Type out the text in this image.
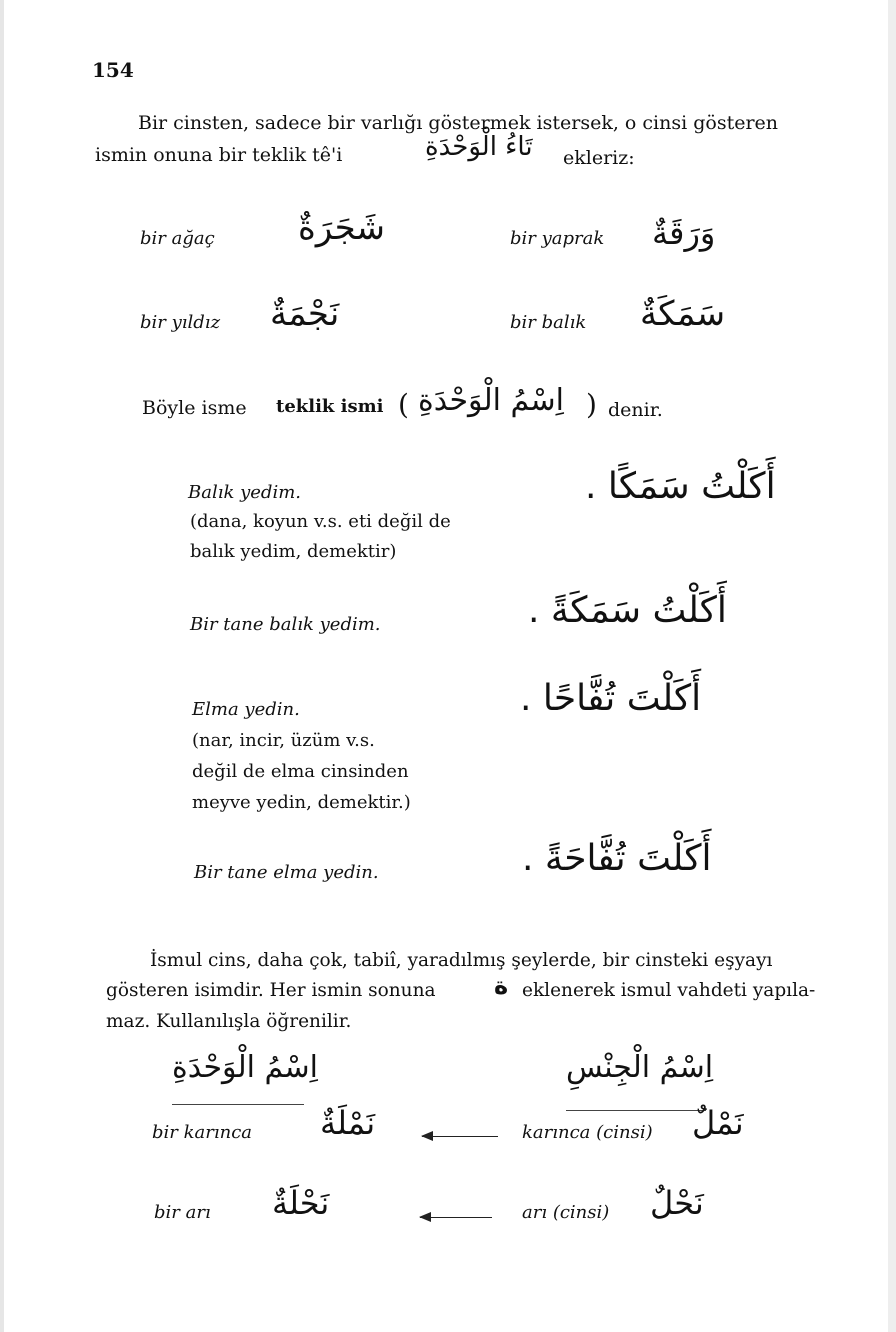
154
Bir cinsten, sadece bir varlığı göstermek istersek, o cinsi gösteren
ismin onuna bir teklik tê'i	تَاءُ الْوَحْدَةِ ekleriz:
bir ağaç شَجَرَةٌ	bir yaprak وَرَقَةٌ
bir yıldız نَجْمَةٌ	bir balık سَمَكَةٌ
Böyle isme teklik ismi ( اِسْمُ الْوَحْدَةِ ) denir.
Balık yedim.
(dana, koyun v.s. eti değil de
balık yedim, demektir)
أَكَلْتُ سَمَكًا .
Bir tane balık yedim.	أَكَلْتُ سَمَكَةً .
Elma yedin.
(nar, incir, üzüm v.s.
değil de elma cinsinden
meyve yedin, demektir.)
أَكَلْتَ تُفَّاحًا .
Bir tane elma yedin.	أَكَلْتَ تُفَّاحَةً .
İsmul cins, daha çok, tabiî, yaradılmış şeylerde, bir cinsteki eşyayı
gösteren isimdir. Her ismin sonuna ة eklenerek ismul vahdeti yapıla-
maz. Kullanılışla öğrenilir.
اِسْمُ الْوَحْدَةِ	اِسْمُ الْجِنْسِ
bir karınca نَمْلَةٌ	karınca (cinsi) نَمْلٌ
bir arı نَحْلَةٌ	arı (cinsi) نَحْلٌ
